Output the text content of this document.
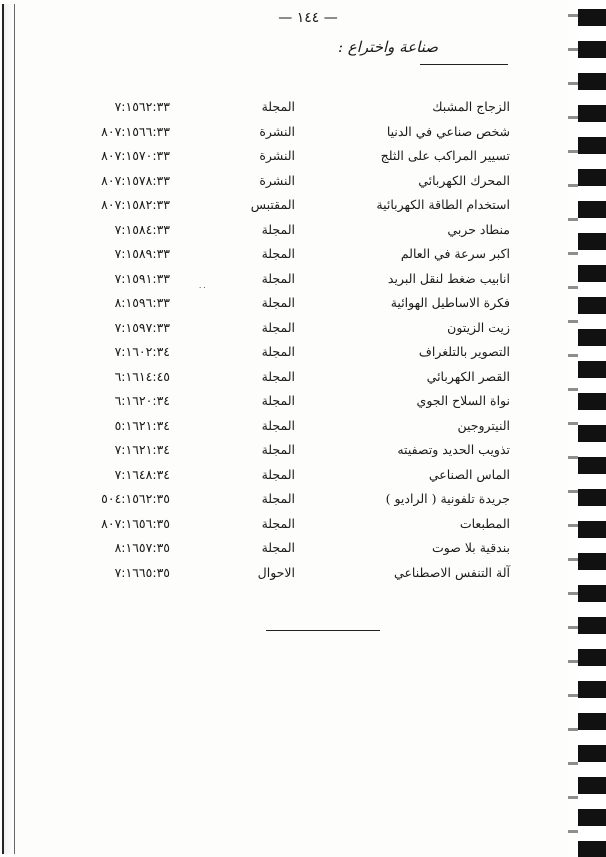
— ١٤٤ —
صناعة واختراع :
٠٠
الزجاج المشبك
المجلة
٧:١٥٦٢:٣٣
شخص صناعي في الدنيا
النشرة
٨٠٧:١٥٦٦:٣٣
تسيير المراكب على الثلج
النشرة
٨٠٧:١٥٧٠:٣٣
المحرك الكهربائي
النشرة
٨٠٧:١٥٧٨:٣٣
استخدام الطاقة الكهربائية
المقتبس
٨٠٧:١٥٨٢:٣٣
منطاد حربي
المجلة
٧:١٥٨٤:٣٣
اكبر سرعة في العالم
المجلة
٧:١٥٨٩:٣٣
انابيب ضغط لنقل البريد
المجلة
٧:١٥٩١:٣٣
فكرة الاساطيل الهوائية
المجلة
٨:١٥٩٦:٣٣
زيت الزيتون
المجلة
٧:١٥٩٧:٣٣
التصوير بالتلغراف
المجلة
٧:١٦٠٢:٣٤
القصر الكهربائي
المجلة
٦:١٦١٤:٤٥
نواة السلاح الجوي
المجلة
٦:١٦٢٠:٣٤
النيتروجين
المجلة
٥:١٦٢١:٣٤
تذويب الحديد وتصفيته
المجلة
٧:١٦٢١:٣٤
الماس الصناعي
المجلة
٧:١٦٤٨:٣٤
جريدة تلفونية ( الراديو )
المجلة
٥٠٤:١٥٦٢:٣٥
المطبعات
المجلة
٨٠٧:١٦٥٦:٣٥
بندقية بلا صوت
المجلة
٨:١٦٥٧:٣٥
آلة التنفس الاصطناعي
الاحوال
٧:١٦٦٥:٣٥
